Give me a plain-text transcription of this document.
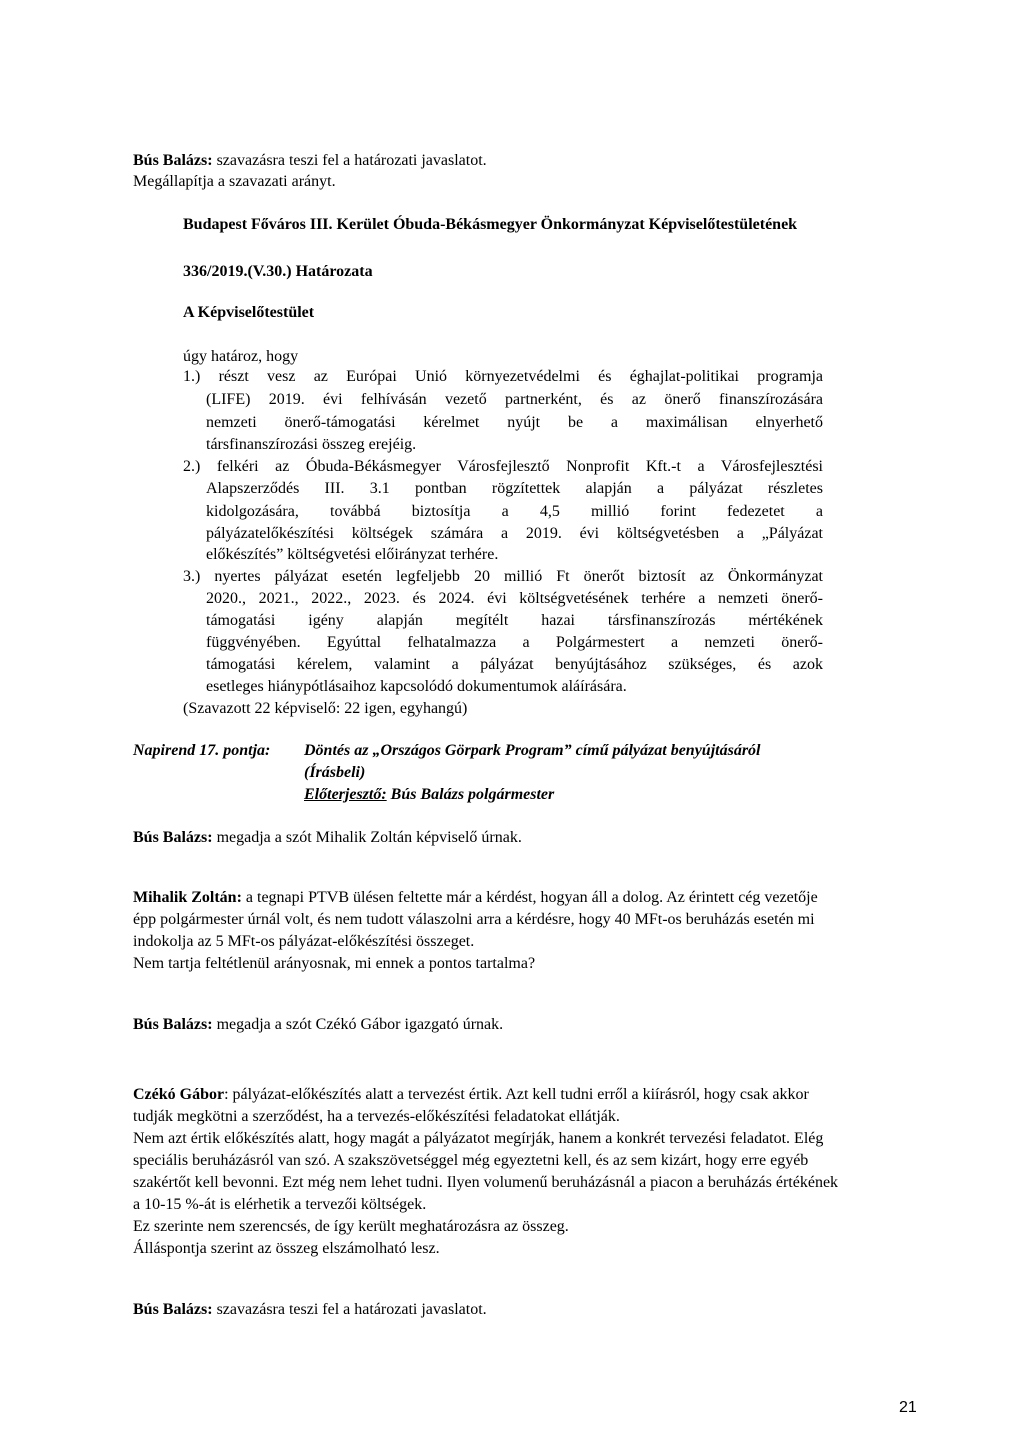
Bús Balázs: szavazásra teszi fel a határozati javaslatot.
Megállapítja a szavazati arányt.
Budapest Főváros III. Kerület Óbuda-Békásmegyer Önkormányzat Képviselőtestületének
336/2019.(V.30.) Határozata
A Képviselőtestület
úgy határoz, hogy
1.) részt vesz az Európai Unió környezetvédelmi és éghajlat-politikai programja
(LIFE) 2019. évi felhívásán vezető partnerként, és az önerő finanszírozására
nemzeti önerő-támogatási kérelmet nyújt be a maximálisan elnyerhető
társfinanszírozási összeg erejéig.
2.) felkéri az Óbuda-Békásmegyer Városfejlesztő Nonprofit Kft.-t a Városfejlesztési
Alapszerződés III. 3.1 pontban rögzítettek alapján a pályázat részletes
kidolgozására, továbbá biztosítja a 4,5 millió forint fedezetet a
pályázatelőkészítési költségek számára a 2019. évi költségvetésben a „Pályázat
előkészítés” költségvetési előirányzat terhére.
3.) nyertes pályázat esetén legfeljebb 20 millió Ft önerőt biztosít az Önkormányzat
2020., 2021., 2022., 2023. és 2024. évi költségvetésének terhére a nemzeti önerő-
támogatási igény alapján megítélt hazai társfinanszírozás mértékének
függvényében. Egyúttal felhatalmazza a Polgármestert a nemzeti önerő-
támogatási kérelem, valamint a pályázat benyújtásához szükséges, és azok
esetleges hiánypótlásaihoz kapcsolódó dokumentumok aláírására.
(Szavazott 22 képviselő: 22 igen, egyhangú)
Napirend 17. pontja: Döntés az „Országos Görpark Program” című pályázat benyújtásáról
(Írásbeli)
Előterjesztő: Bús Balázs polgármester
Bús Balázs: megadja a szót Mihalik Zoltán képviselő úrnak.
Mihalik Zoltán: a tegnapi PTVB ülésen feltette már a kérdést, hogyan áll a dolog. Az érintett cég vezetője
épp polgármester úrnál volt, és nem tudott válaszolni arra a kérdésre, hogy 40 MFt-os beruházás esetén mi
indokolja az 5 MFt-os pályázat-előkészítési összeget.
Nem tartja feltétlenül arányosnak, mi ennek a pontos tartalma?
Bús Balázs: megadja a szót Czékó Gábor igazgató úrnak.
Czékó Gábor: pályázat-előkészítés alatt a tervezést értik. Azt kell tudni erről a kiírásról, hogy csak akkor
tudják megkötni a szerződést, ha a tervezés-előkészítési feladatokat ellátják.
Nem azt értik előkészítés alatt, hogy magát a pályázatot megírják, hanem a konkrét tervezési feladatot. Elég
speciális beruházásról van szó. A szakszövetséggel még egyeztetni kell, és az sem kizárt, hogy erre egyéb
szakértőt kell bevonni. Ezt még nem lehet tudni. Ilyen volumenű beruházásnál a piacon a beruházás értékének
a 10-15 %-át is elérhetik a tervezői költségek.
Ez szerinte nem szerencsés, de így került meghatározásra az összeg.
Álláspontja szerint az összeg elszámolható lesz.
Bús Balázs: szavazásra teszi fel a határozati javaslatot.
21
